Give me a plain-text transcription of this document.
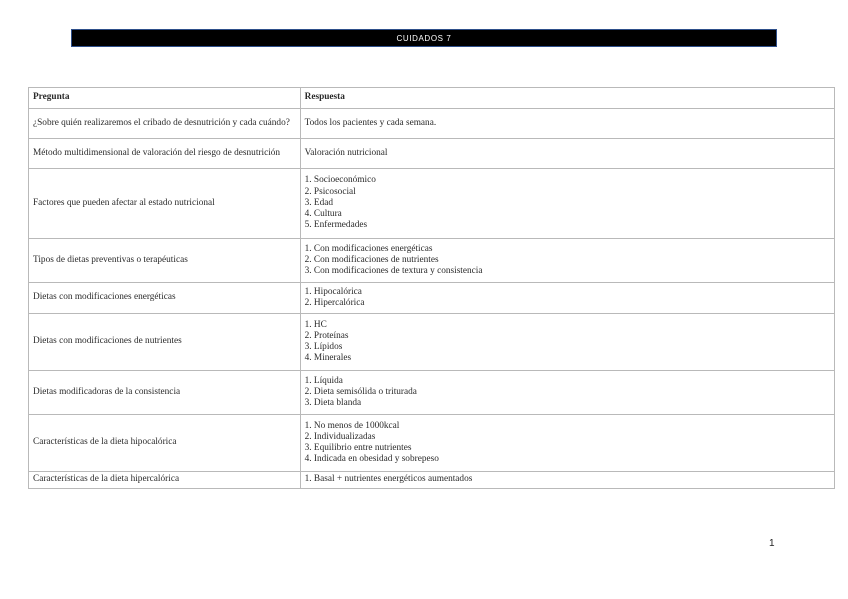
CUIDADOS 7
Pregunta	Respuesta
¿Sobre quién realizaremos el cribado de desnutrición y cada cuándo?	Todos los pacientes y cada semana.

Método multidimensional de valoración del riesgo de desnutrición	Valoración nutricional

Factores que pueden afectar al estado nutricional	1. Socioeconómico
2. Psicosocial
3. Edad
4. Cultura
5. Enfermedades

Tipos de dietas preventivas o terapéuticas	1. Con modificaciones energéticas
2. Con modificaciones de nutrientes
3. Con modificaciones de textura y consistencia

Dietas con modificaciones energéticas	1. Hipocalórica
2. Hipercalórica

Dietas con modificaciones de nutrientes	1. HC
2. Proteínas
3. Lípidos
4. Minerales

Dietas modificadoras de la consistencia	1. Líquida
2. Dieta semisólida o triturada
3. Dieta blanda

Características de la dieta hipocalórica	1. No menos de 1000kcal
2. Individualizadas
3. Equilibrio entre nutrientes
4. Indicada en obesidad y sobrepeso

Características de la dieta hipercalórica	1. Basal + nutrientes energéticos aumentados
1
